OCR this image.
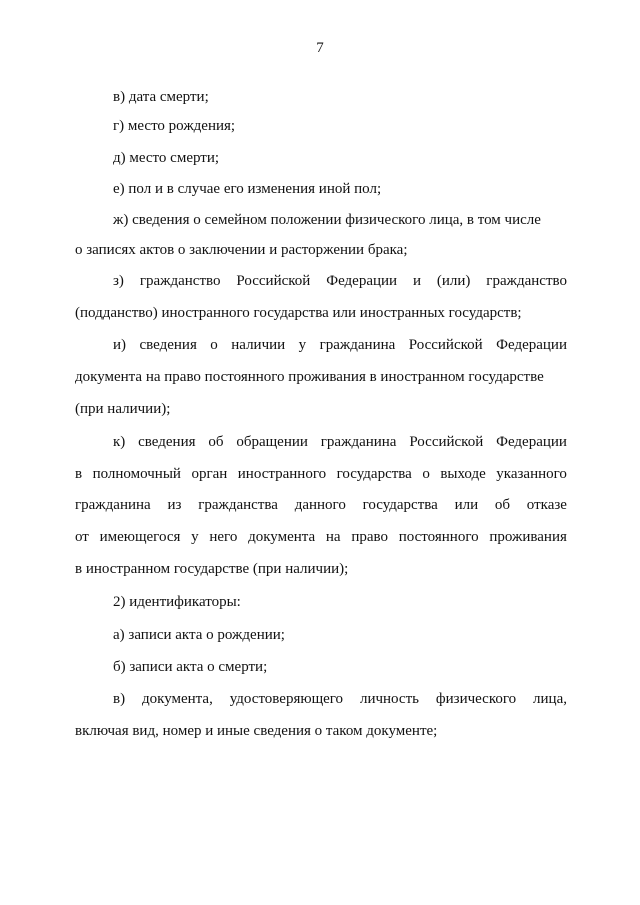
7
в) дата смерти;
г) место рождения;
д) место смерти;
е) пол и в случае его изменения иной пол;
ж) сведения о семейном положении физического лица, в том числе
о записях актов о заключении и расторжении брака;
з) гражданство Российской Федерации и (или) гражданство
(подданство) иностранного государства или иностранных государств;
и) сведения о наличии у гражданина Российской Федерации
документа на право постоянного проживания в иностранном государстве
(при наличии);
к) сведения об обращении гражданина Российской Федерации
в полномочный орган иностранного государства о выходе указанного
гражданина из гражданства данного государства или об отказе
от имеющегося у него документа на право постоянного проживания
в иностранном государстве (при наличии);
2) идентификаторы:
а) записи акта о рождении;
б) записи акта о смерти;
в) документа, удостоверяющего личность физического лица,
включая вид, номер и иные сведения о таком документе;
